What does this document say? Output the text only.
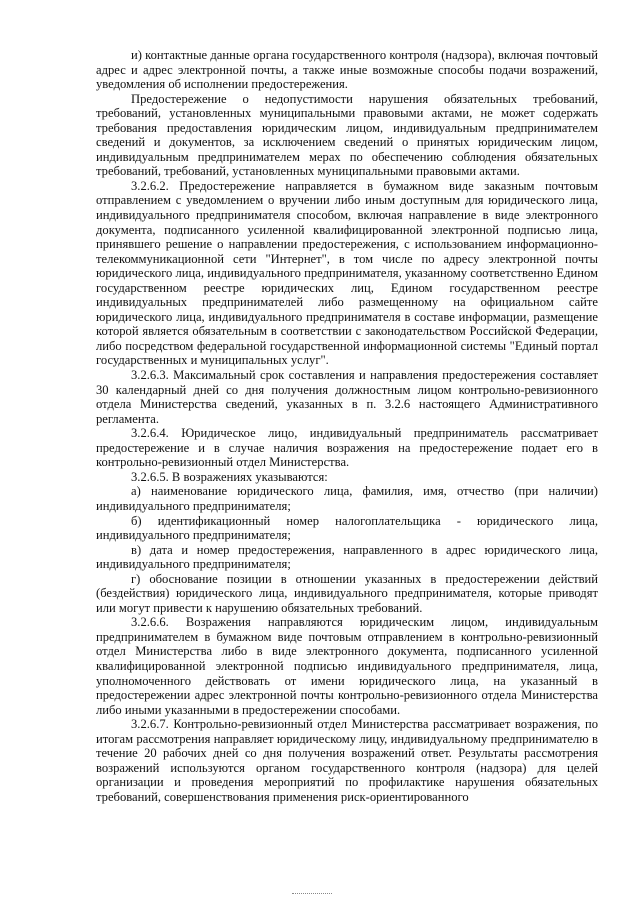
и) контактные данные органа государственного контроля (надзора), включая почтовый адрес и адрес электронной почты, а также иные возможные способы подачи возражений, уведомления об исполнении предостережения.

Предостережение о недопустимости нарушения обязательных требований, требований, установленных муниципальными правовыми актами, не может содержать требования предоставления юридическим лицом, индивидуальным предпринимателем сведений и документов, за исключением сведений о принятых юридическим лицом, индивидуальным предпринимателем мерах по обеспечению соблюдения обязательных требований, требований, установленных муниципальными правовыми актами.

3.2.6.2. Предостережение направляется в бумажном виде заказным почтовым отправлением с уведомлением о вручении либо иным доступным для юридического лица, индивидуального предпринимателя способом, включая направление в виде электронного документа, подписанного усиленной квалифицированной электронной подписью лица, принявшего решение о направлении предостережения, с использованием информационно-телекоммуникационной сети "Интернет", в том числе по адресу электронной почты юридического лица, индивидуального предпринимателя, указанному соответственно Едином государственном реестре юридических лиц, Едином государственном реестре индивидуальных предпринимателей либо размещенному на официальном сайте юридического лица, индивидуального предпринимателя в составе информации, размещение которой является обязательным в соответствии с законодательством Российской Федерации, либо посредством федеральной государственной информационной системы "Единый портал государственных и муниципальных услуг".

3.2.6.3. Максимальный срок составления и направления предостережения составляет 30 календарный дней со дня получения должностным лицом контрольно-ревизионного отдела Министерства сведений, указанных в п. 3.2.6 настоящего Административного регламента.

3.2.6.4. Юридическое лицо, индивидуальный предприниматель рассматривает предостережение и в случае наличия возражения на предостережение подает его в контрольно-ревизионный отдел Министерства.

3.2.6.5. В возражениях указываются:

а) наименование юридического лица, фамилия, имя, отчество (при наличии) индивидуального предпринимателя;

б) идентификационный номер налогоплательщика - юридического лица, индивидуального предпринимателя;

в) дата и номер предостережения, направленного в адрес юридического лица, индивидуального предпринимателя;

г) обоснование позиции в отношении указанных в предостережении действий (бездействия) юридического лица, индивидуального предпринимателя, которые приводят или могут привести к нарушению обязательных требований.

3.2.6.6. Возражения направляются юридическим лицом, индивидуальным предпринимателем в бумажном виде почтовым отправлением в контрольно-ревизионный отдел Министерства либо в виде электронного документа, подписанного усиленной квалифицированной электронной подписью индивидуального предпринимателя, лица, уполномоченного действовать от имени юридического лица, на указанный в предостережении адрес электронной почты контрольно-ревизионного отдела Министерства либо иными указанными в предостережении способами.

3.2.6.7. Контрольно-ревизионный отдел Министерства рассматривает возражения, по итогам рассмотрения направляет юридическому лицу, индивидуальному предпринимателю в течение 20 рабочих дней со дня получения возражений ответ. Результаты рассмотрения возражений используются органом государственного контроля (надзора) для целей организации и проведения мероприятий по профилактике нарушения обязательных требований, совершенствования применения риск-ориентированного
